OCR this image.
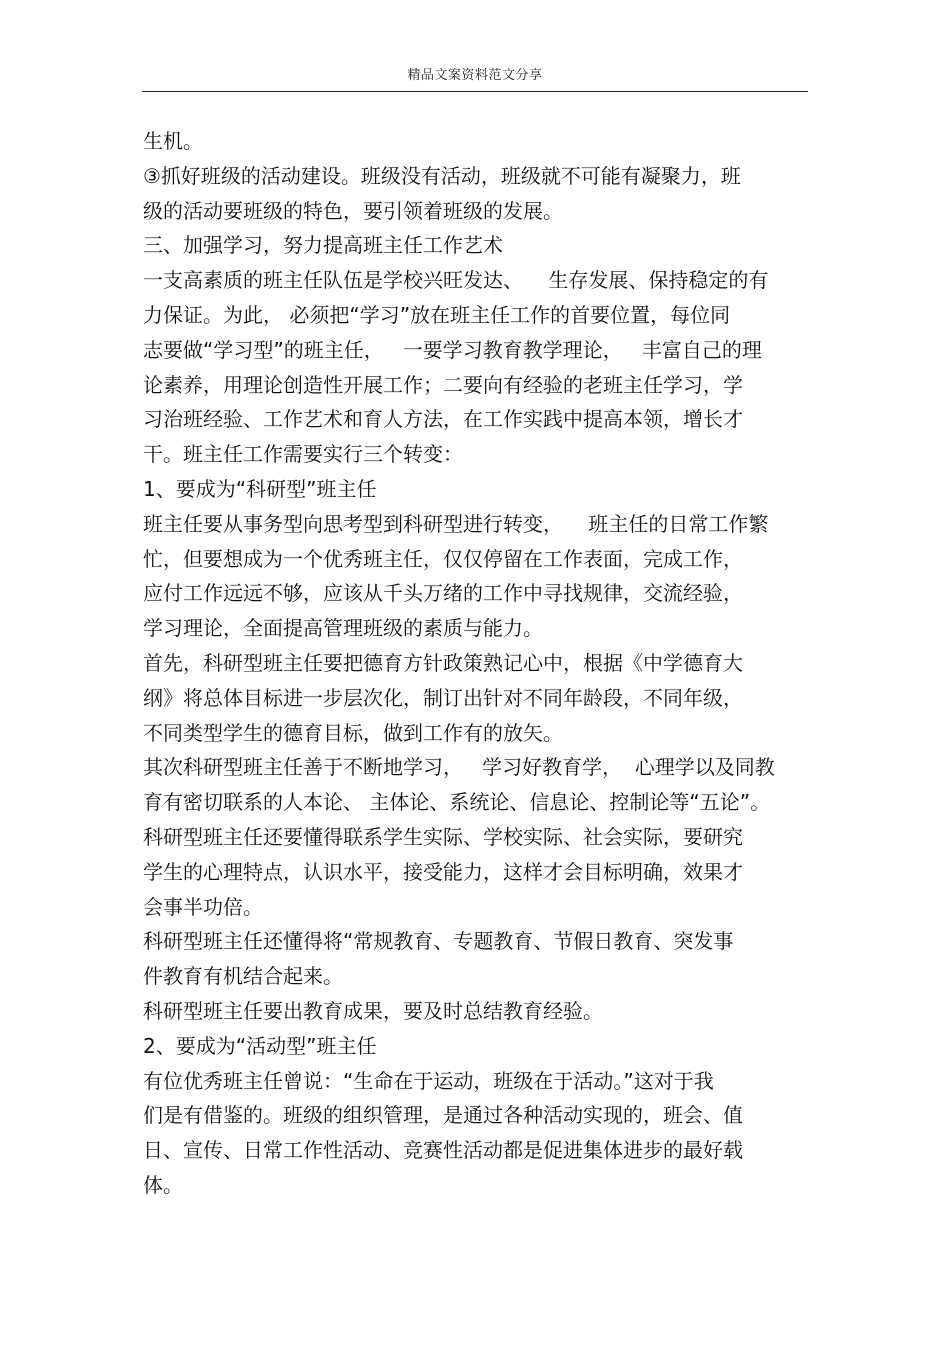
精品文案资料范文分享
生机。
③抓好班级的活动建设。班级没有活动，班级就不可能有凝聚力，班
级的活动要班级的特色，要引领着班级的发展。
三、加强学习，努力提高班主任工作艺术
一支高素质的班主任队伍是学校兴旺发达、    生存发展、保持稳定的有
力保证。为此， 必须把“学习”放在班主任工作的首要位置，每位同
志要做“学习型”的班主任，   一要学习教育教学理论，   丰富自己的理
论素养，用理论创造性开展工作；二要向有经验的老班主任学习，学
习治班经验、工作艺术和育人方法，在工作实践中提高本领，增长才
干。班主任工作需要实行三个转变：
1、要成为“科研型”班主任
班主任要从事务型向思考型到科研型进行转变，    班主任的日常工作繁
忙，但要想成为一个优秀班主任，仅仅停留在工作表面，完成工作，
应付工作远远不够，应该从千头万绪的工作中寻找规律，交流经验，
学习理论，全面提高管理班级的素质与能力。
首先，科研型班主任要把德育方针政策熟记心中，根据《中学德育大
纲》将总体目标进一步层次化，制订出针对不同年龄段，不同年级，
不同类型学生的德育目标，做到工作有的放矢。
其次科研型班主任善于不断地学习，   学习好教育学，  心理学以及同教
育有密切联系的人本论、 主体论、系统论、信息论、控制论等“五论”。
科研型班主任还要懂得联系学生实际、学校实际、社会实际，要研究
学生的心理特点，认识水平，接受能力，这样才会目标明确，效果才
会事半功倍。
科研型班主任还懂得将“常规教育、专题教育、节假日教育、突发事
件教育有机结合起来。
科研型班主任要出教育成果，要及时总结教育经验。
2、要成为“活动型”班主任
有位优秀班主任曾说：“生命在于运动，班级在于活动。”这对于我
们是有借鉴的。班级的组织管理，是通过各种活动实现的，班会、值
日、宣传、日常工作性活动、竞赛性活动都是促进集体进步的最好载
体。
